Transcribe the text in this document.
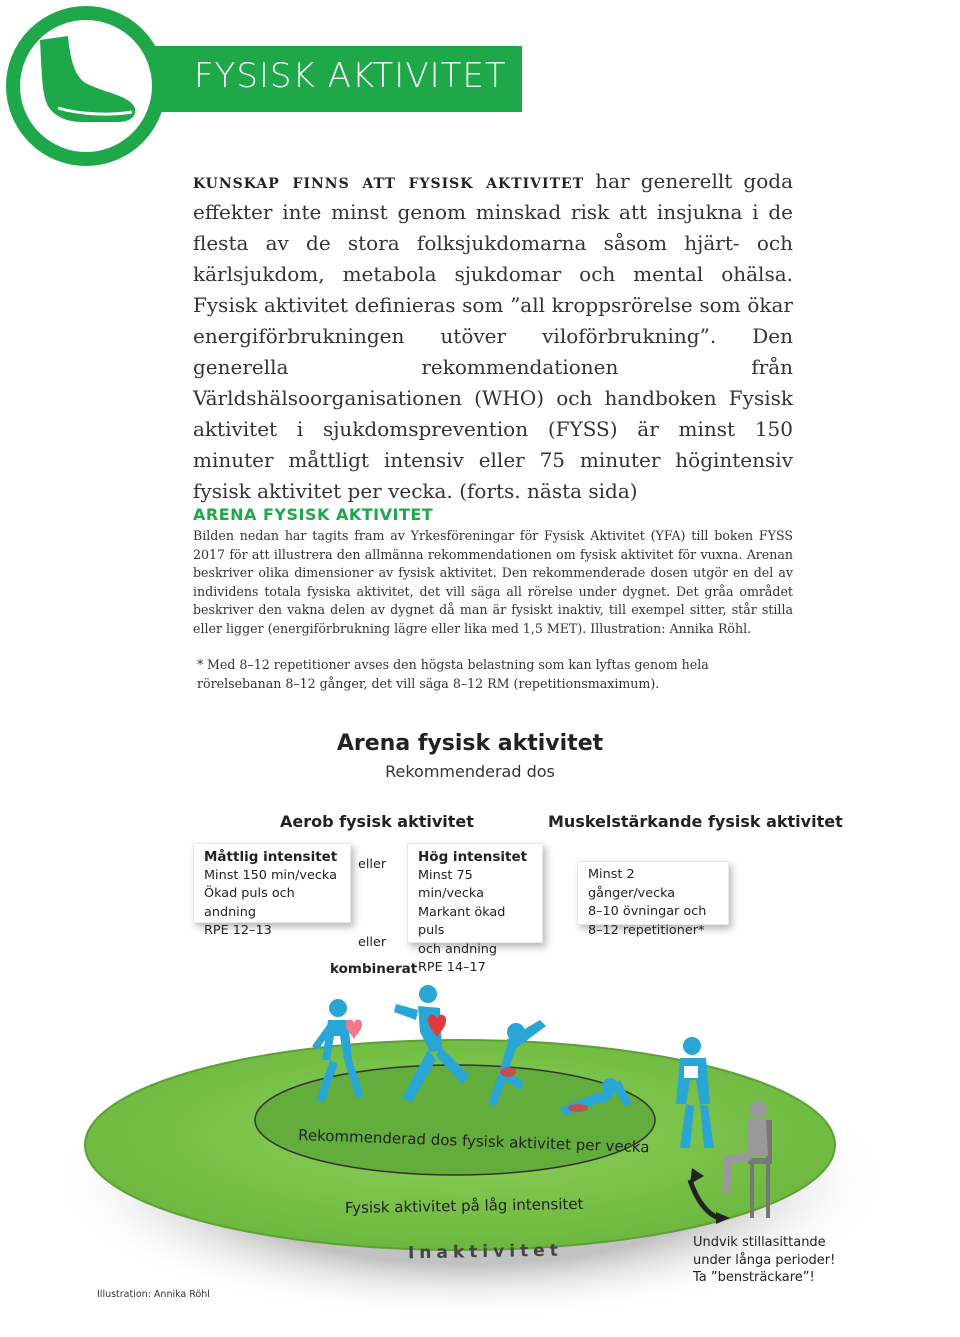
FYSISK AKTIVITET
kunskap finns att fysisk aktivitet har generellt goda effekter inte minst genom minskad risk att insjukna i de flesta av de stora folksjukdomarna såsom hjärt- och kärlsjukdom, metabola sjukdomar och mental ohälsa. Fysisk aktivitet definieras som ”all kroppsrörelse som ökar energiförbrukningen utöver viloförbrukning”. Den generella rekommendationen från Världshälsoorganisationen (WHO) och handboken Fysisk aktivitet i sjukdomsprevention (FYSS) är minst 150 minuter måttligt intensiv eller 75 minuter högintensiv fysisk aktivitet per vecka. (forts. nästa sida)
ARENA FYSISK AKTIVITET
Bilden nedan har tagits fram av Yrkesföreningar för Fysisk Aktivitet (YFA) till boken FYSS 2017 för att illustrera den allmänna rekommendationen om fysisk aktivitet för vuxna. Arenan beskriver olika dimensioner av fysisk aktivitet. Den rekommenderade dosen utgör en del av individens totala fysiska aktivitet, det vill säga all rörelse under dygnet. Det gråa området beskriver den vakna delen av dygnet då man är fysiskt inaktiv, till exempel sitter, står stilla eller ligger (energiförbrukning lägre eller lika med 1,5 MET). Illustration: Annika Röhl.
* Med 8–12 repetitioner avses den högsta belastning som kan lyftas genom hela rörelsebanan 8–12 gånger, det vill säga 8–12 RM (repetitionsmaximum).
Arena fysisk aktivitet
Rekommenderad dos
Aerob fysisk aktivitet	Muskelstärkande fysisk aktivitet
Måttlig intensitet
Minst 150 min/vecka
Ökad puls och andning
RPE 12–13
eller Hög intensitet
Minst 75 min/vecka
Markant ökad puls
och andning
RPE 14–17
Minst 2 gånger/vecka
8–10 övningar och
8–12 repetitioner*
eller
kombinerat
Rekommenderad dos fysisk aktivitet per vecka
Fysisk aktivitet på låg intensitet
Inaktivitet	Undvik stillasittande
under långa perioder!
Ta ”bensträckare”!
Illustration: Annika Röhl
